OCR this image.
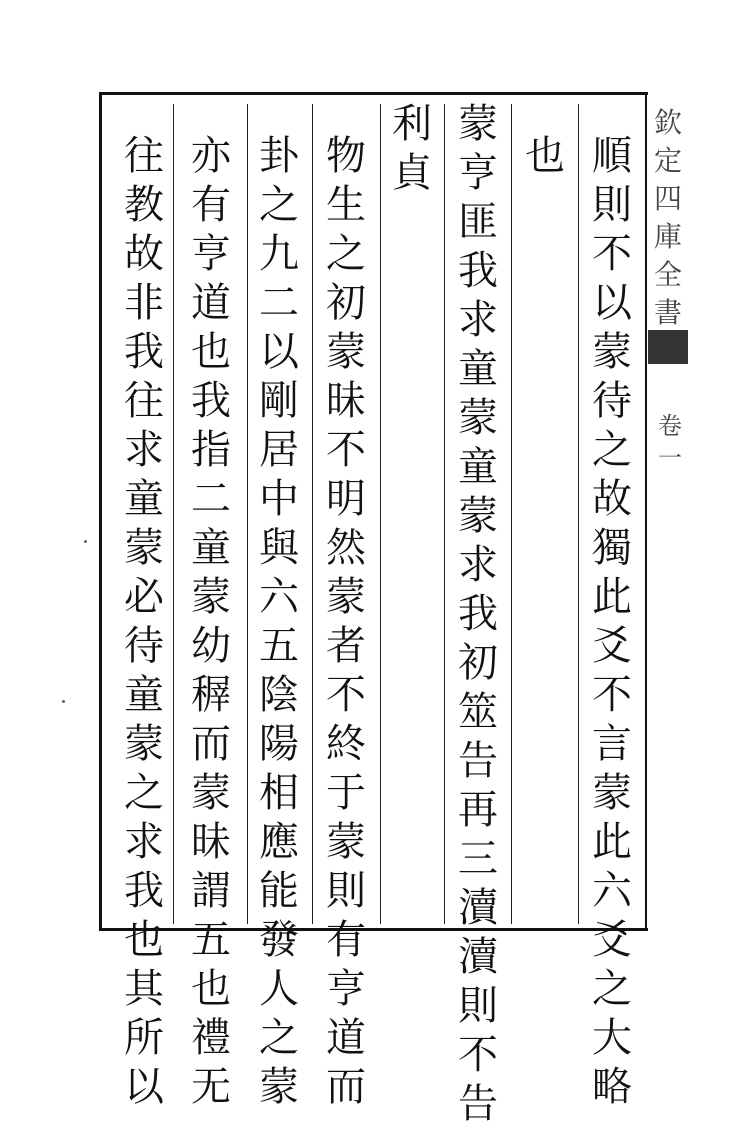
順
則
不
以
蒙
待
之
故
獨
此
爻
不
言
蒙
此
六
爻
之
大
略
也
蒙
亨
匪
我
求
童
蒙
童
蒙
求
我
初
筮
告
再
三
瀆
瀆
則
不
告
利
貞
物
生
之
初
蒙
昧
不
明
然
蒙
者
不
終
于
蒙
則
有
亨
道
而
卦
之
九
二
以
剛
居
中
與
六
五
陰
陽
相
應
能
發
人
之
蒙
亦
有
亨
道
也
我
指
二
童
蒙
幼
稺
而
蒙
昧
謂
五
也
禮
无
往
教
故
非
我
往
求
童
蒙
必
待
童
蒙
之
求
我
也
其
所
以
欽
定
四
庫
全
書
卷
一
